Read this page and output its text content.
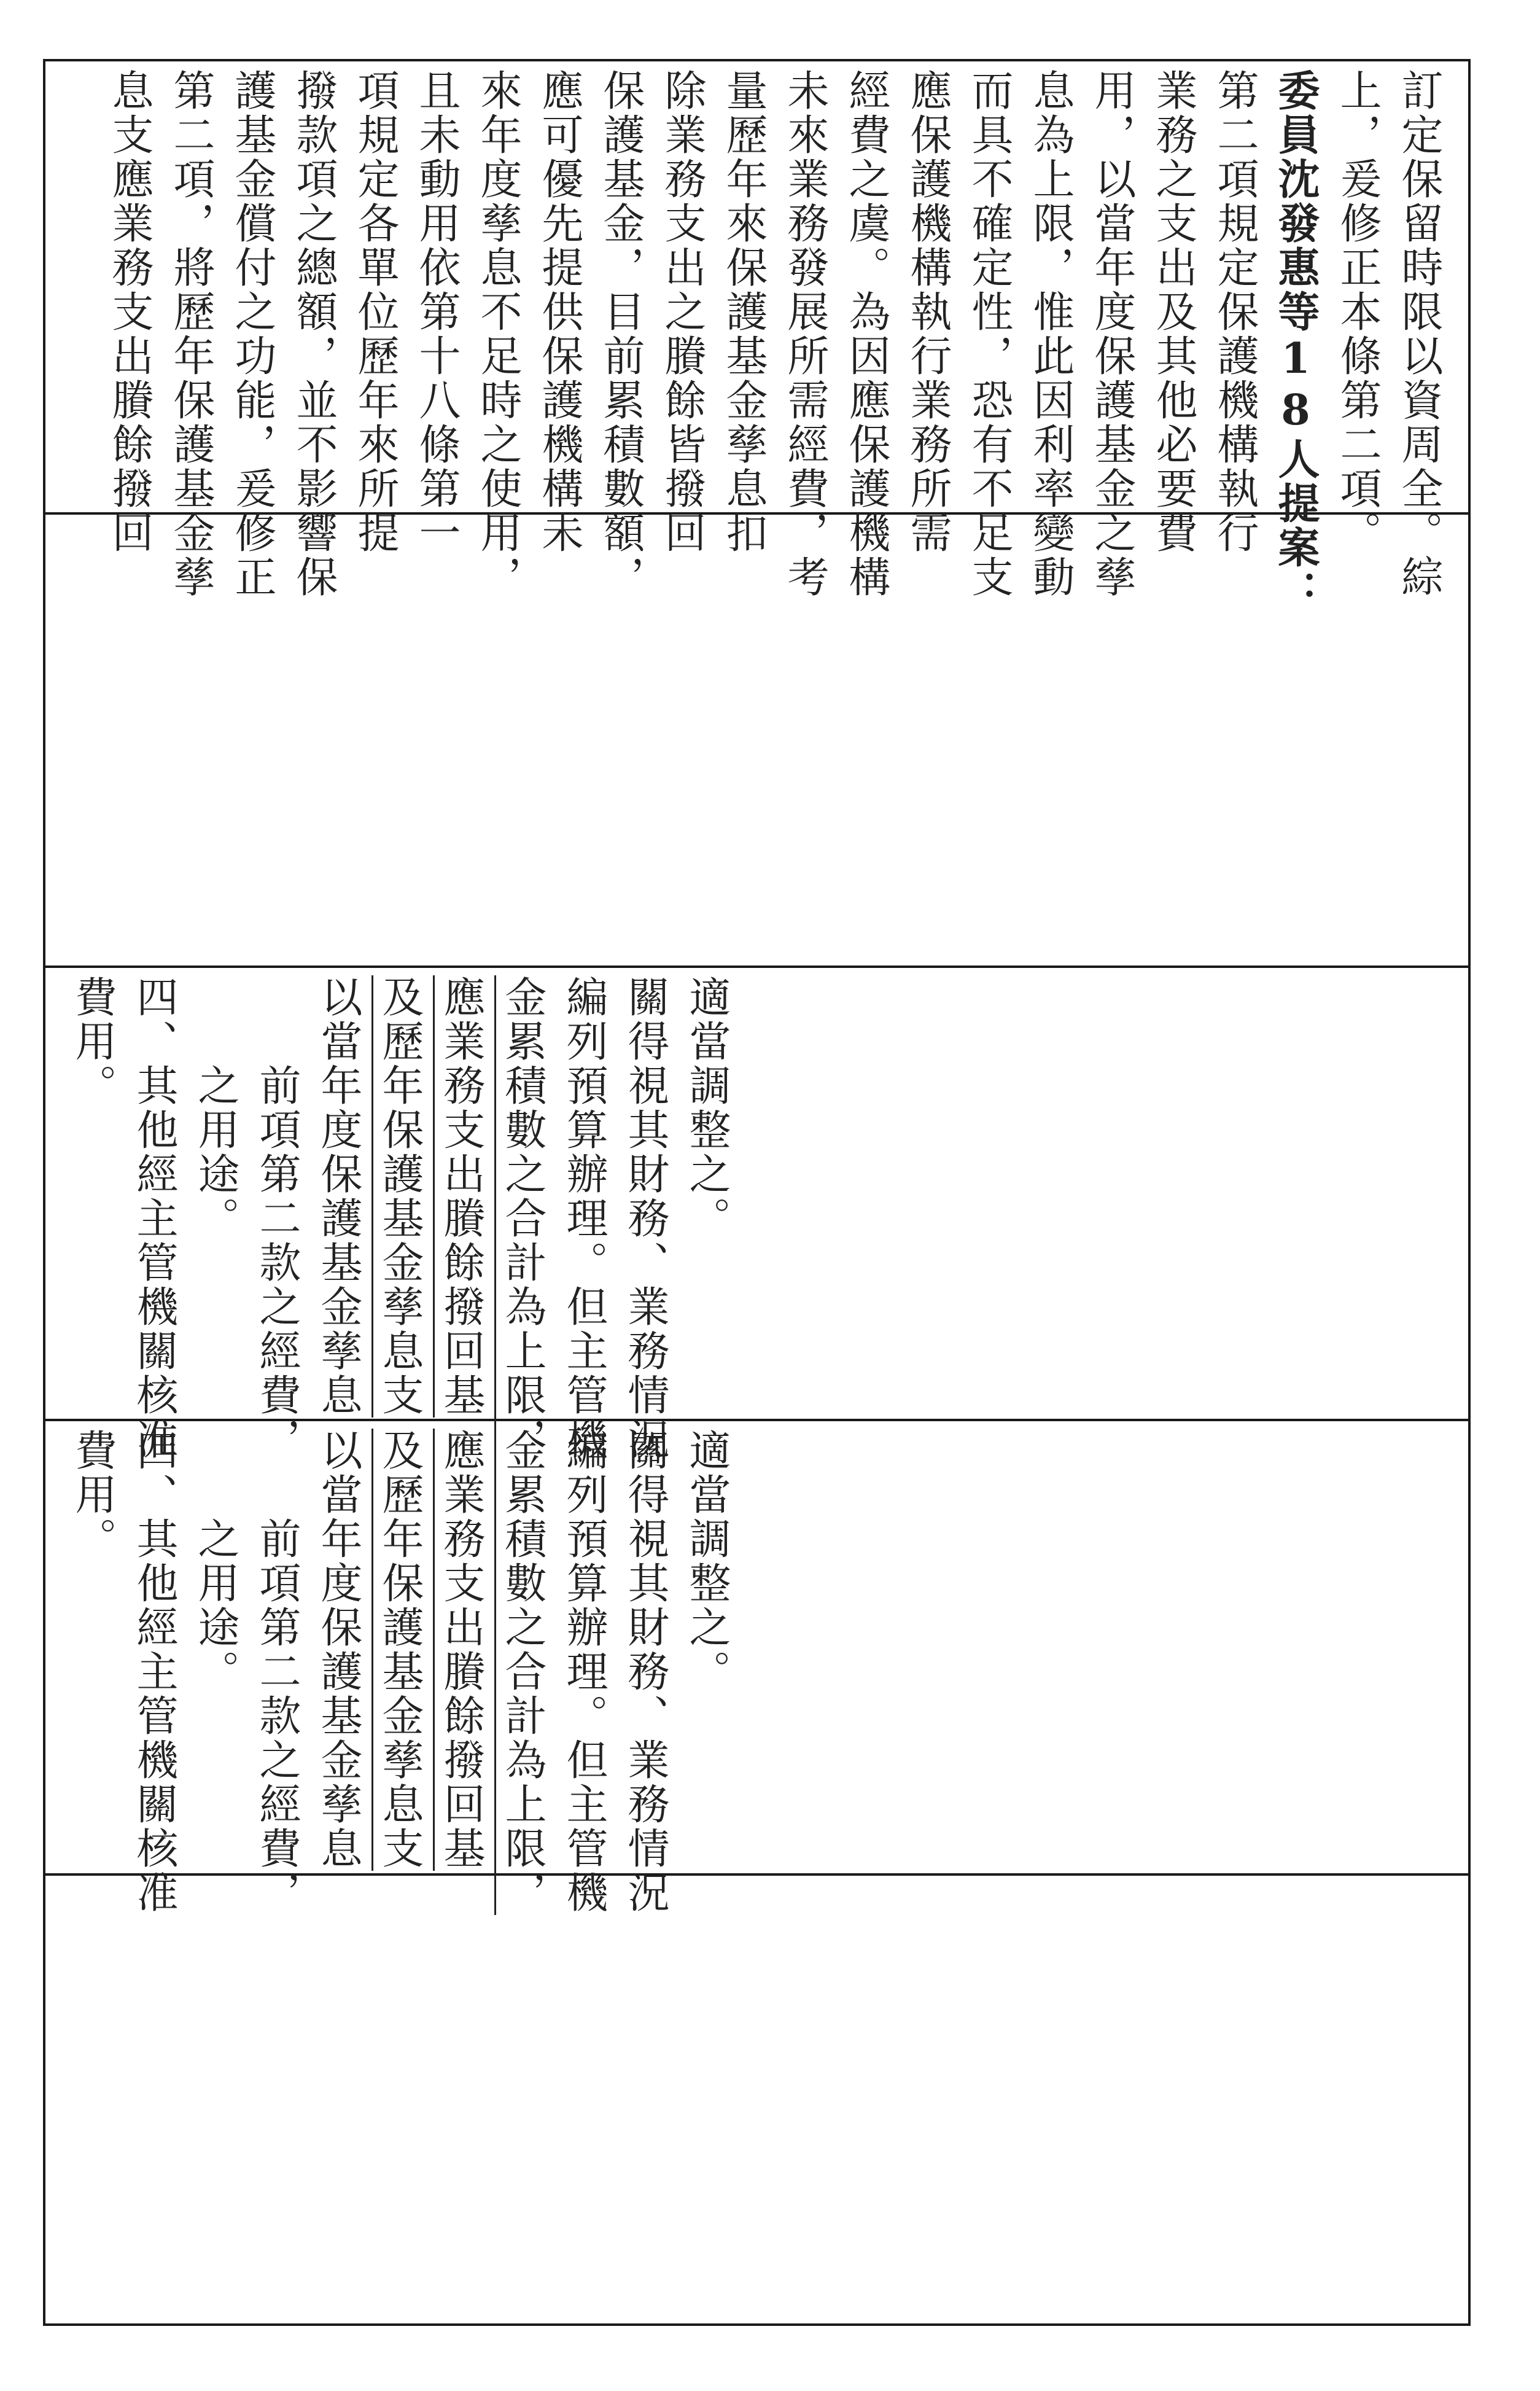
訂定保留時限以資周全。綜
上，爰修正本條第二項。
委員沈發惠等18人提案：
第二項規定保護機構執行
業務之支出及其他必要費
用，以當年度保護基金之孳
息為上限，惟此因利率變動
而具不確定性，恐有不足支
應保護機構執行業務所需
經費之虞。為因應保護機構
未來業務發展所需經費，考
量歷年來保護基金孳息扣
除業務支出之賸餘皆撥回
保護基金，目前累積數額，
應可優先提供保護機構未
來年度孳息不足時之使用，
且未動用依第十八條第一
項規定各單位歷年來所提
撥款項之總額，並不影響保
護基金償付之功能，爰修正
第二項，將歷年保護基金孳
息支應業務支出賸餘撥回
費用。 四、其他經主管機關核准 　　之用途。 　　前項第二款之經費， 以當年度保護基金孳息 及歷年保護基金孳息支 應業務支出賸餘撥回基 金累積數之合計為上限， 編列預算辦理。但主管機 關得視其財務、業務情況 適當調整之。
費用。 四、其他經主管機關核准 　　之用途。 　　前項第二款之經費， 以當年度保護基金孳息 及歷年保護基金孳息支 應業務支出賸餘撥回基 金累積數之合計為上限， 編列預算辦理。但主管機 關得視其財務、業務情況 適當調整之。
